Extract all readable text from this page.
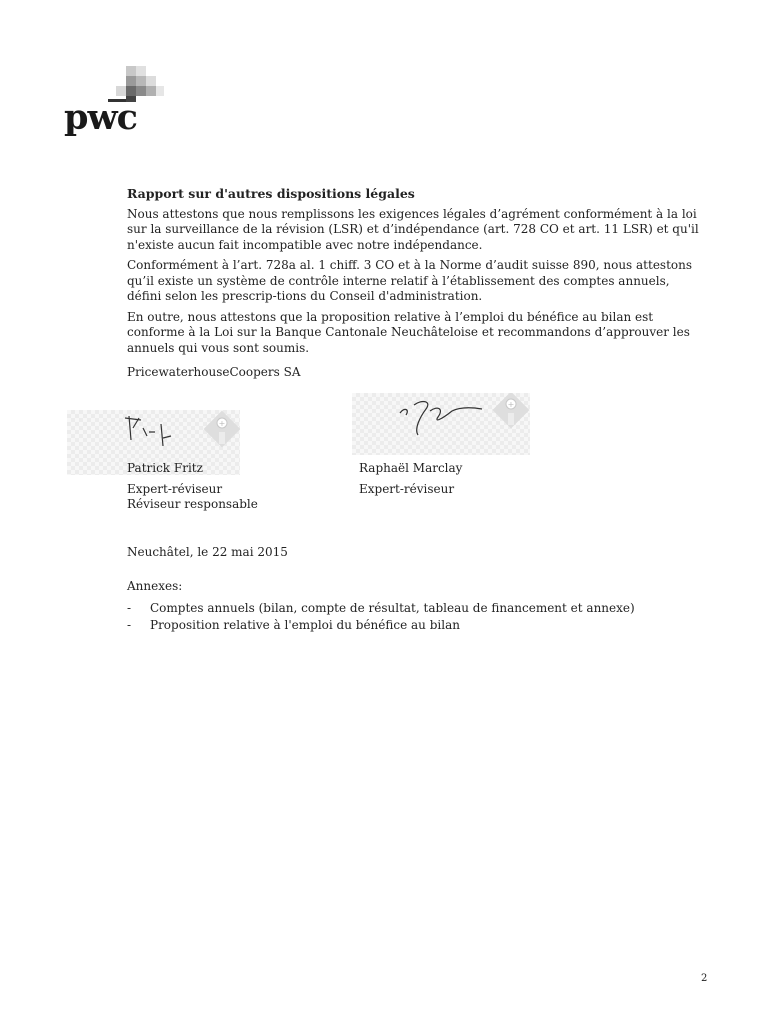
pwc

Rapport sur d'autres dispositions légales

Nous attestons que nous remplissons les exigences légales d’agrément conformément à la loi sur la surveillance de la révision (LSR) et d’indépendance (art. 728 CO et art. 11 LSR) et qu'il n'existe aucun fait incompatible avec notre indépendance.

Conformément à l’art. 728a al. 1 chiff. 3 CO et à la Norme d’audit suisse 890, nous attestons qu’il existe un système de contrôle interne relatif à l’établissement des comptes annuels, défini selon les prescrip-tions du Conseil d'administration.

En outre, nous attestons que la proposition relative à l’emploi du bénéfice au bilan est conforme à la Loi sur la Banque Cantonale Neuchâteloise et recommandons d’approuver les annuels qui vous sont soumis.

PricewaterhouseCoopers SA

+
+

Patrick Fritz

Expert-réviseur

Réviseur responsable

Raphaël Marclay

Expert-réviseur

Neuchâtel, le 22 mai 2015

Annexes:

- Comptes annuels (bilan, compte de résultat, tableau de financement et annexe)

- Proposition relative à l'emploi du bénéfice au bilan

2
